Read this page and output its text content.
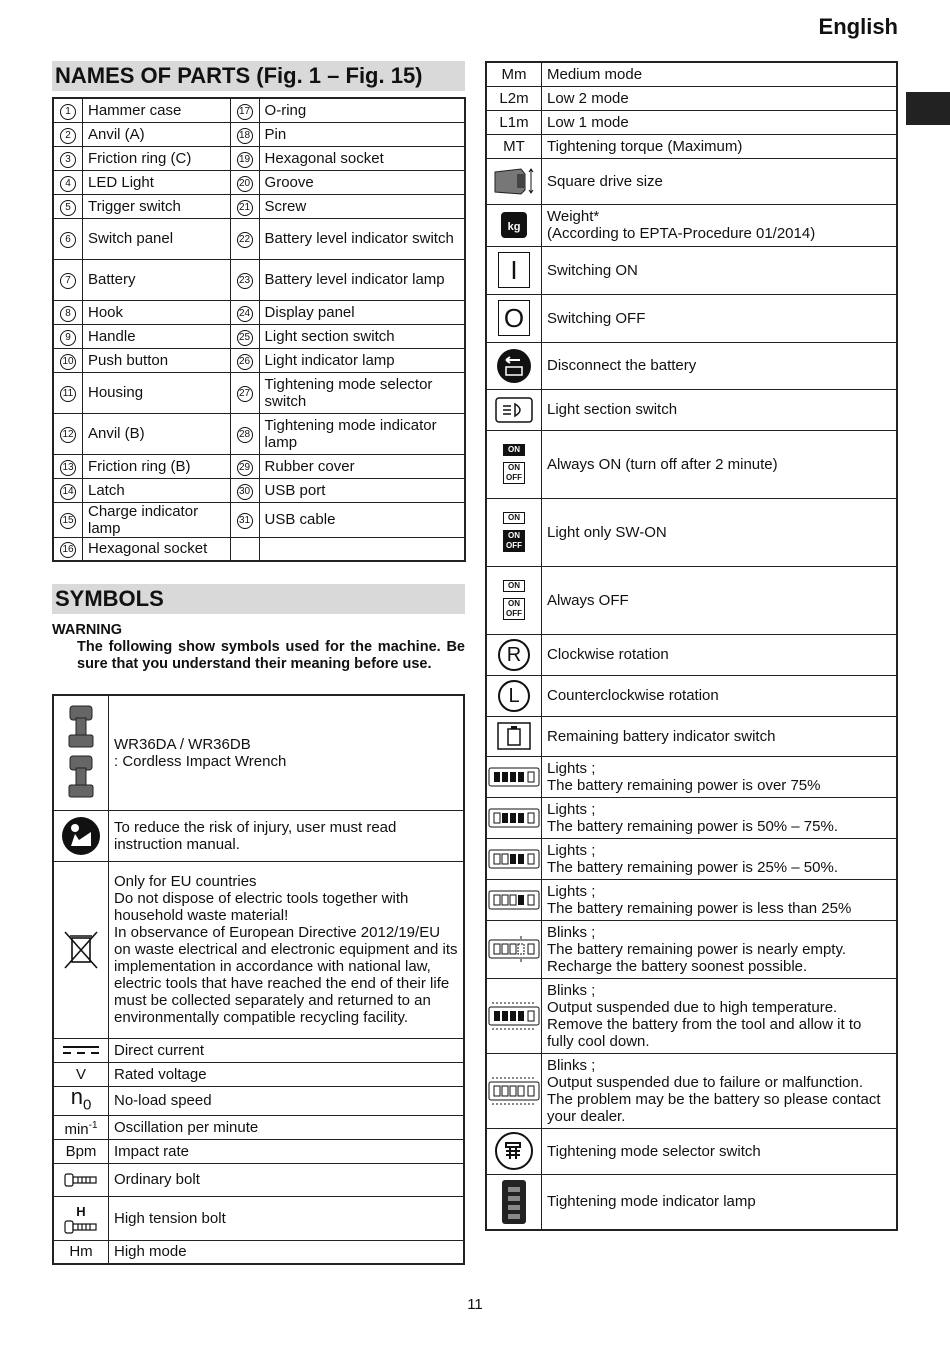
English
NAMES OF PARTS (Fig. 1 – Fig. 15)
1	Hammer case	17	O-ring
2	Anvil (A)	18	Pin
3	Friction ring (C)	19	Hexagonal socket
4	LED Light	20	Groove
5	Trigger switch	21	Screw
6	Switch panel	22	Battery level indicator switch
7	Battery	23	Battery level indicator lamp
8	Hook	24	Display panel
9	Handle	25	Light section switch
10	Push button	26	Light indicator lamp
11	Housing	27	Tightening mode selector switch
12	Anvil (B)	28	Tightening mode indicator lamp
13	Friction ring (B)	29	Rubber cover
14	Latch	30	USB port
15	Charge indicator lamp	31	USB cable
16	Hexagonal socket		
SYMBOLS
WARNING
The following show symbols used for the machine. Be sure that you understand their meaning before use.

WR36DA / WR36DB
: Cordless Impact Wrench

	To reduce the risk of injury, user must read instruction manual.

Only for EU countries
Do not dispose of electric tools together with household waste material!
In observance of European Directive 2012/19/EU on waste electrical and electronic equipment and its implementation in accordance with national law, electric tools that have reached the end of their life must be collected separately and returned to an environmentally compatible recycling facility.

	Direct current
V	Rated voltage
$n_0$	No-load speed
$\min^{-1}$	Oscillation per minute
Bpm	Impact rate

	Ordinary bolt

H	High tension bolt
Hm	High mode
Mm	Medium mode
L2m	Low 2 mode
L1m	Low 1 mode
MT	Tightening torque (Maximum)

	Square drive size

kg	Weight*
(According to EPTA-Procedure 01/2014)

I	Switching ON

O	Switching OFF

	Disconnect the battery

	Light section switch

ON
ON OFF	Always ON (turn off after 2 minute)

ON
ON OFF	Light only SW-ON

ON
ON OFF	Always OFF

R	Clockwise rotation

L	Counterclockwise rotation

	Remaining battery indicator switch

Lights ;
The battery remaining power is over 75%

Lights ;
The battery remaining power is 50% – 75%.

Lights ;
The battery remaining power is 25% – 50%.

Lights ;
The battery remaining power is less than 25%

Blinks ;
The battery remaining power is nearly empty. Recharge the battery soonest possible.

Blinks ;
Output suspended due to high temperature. Remove the battery from the tool and allow it to fully cool down.

Blinks ;
Output suspended due to failure or malfunction. The problem may be the battery so please contact your dealer.

	Tightening mode selector switch

	Tightening mode indicator lamp
11
